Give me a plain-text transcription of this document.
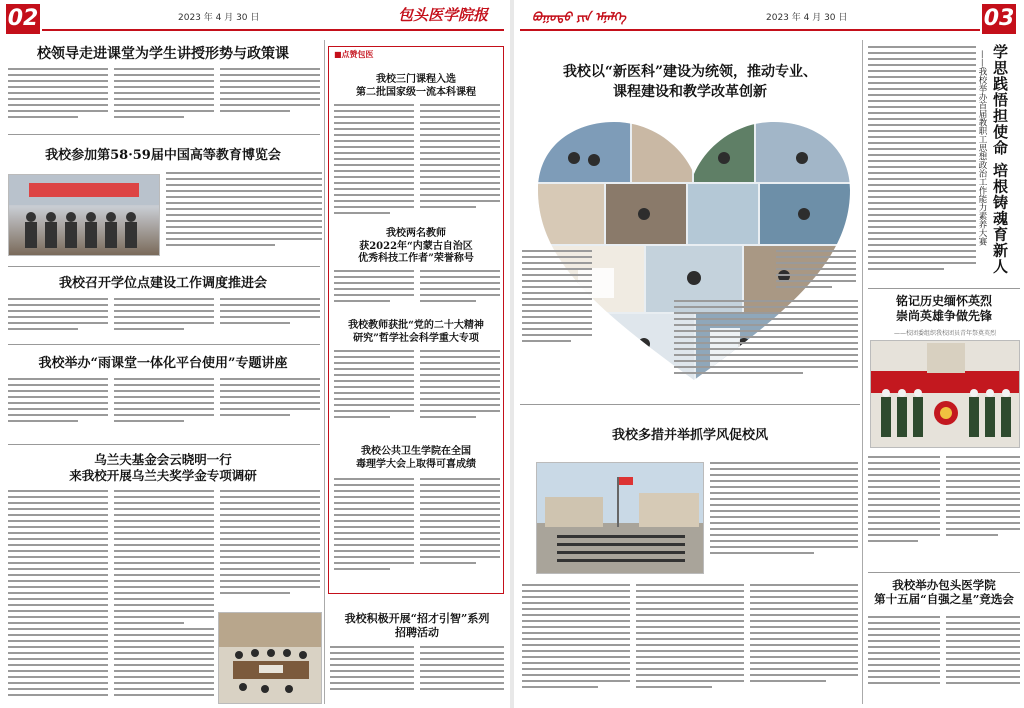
02	2023 年 4 月 30 日	包头医学院报
校领导走进课堂为学生讲授形势与政策课
我校参加第58·59届中国高等教育博览会
我校召开学位点建设工作调度推进会
我校举办“雨课堂一体化平台使用”专题讲座
乌兰夫基金会云晓明一行
来我校开展乌兰夫奖学金专项调研
■点赞包医
我校三门课程入选
第二批国家级一流本科课程
我校两名教师
获2022年“内蒙古自治区
优秀科技工作者”荣誉称号
我校教师获批“党的二十大精神
研究”哲学社会科学重大专项
我校公共卫生学院在全国
毒理学大会上取得可喜成绩
我校积极开展“招才引智”系列
招聘活动
ᠪᠣᠭᠣᠲᠤ ᠶᠢᠨ ᠡᠮᠨᠡᠯᠭᠡ	2023 年 4 月 30 日	03
我校以“新医科”建设为统领，推动专业、
课程建设和教学改革创新
我校多措并举抓学风促校风
学思践悟担使命 培根铸魂育新人
——我校举办首届教职工思想政治工作能力素养大赛
铭记历史缅怀英烈
崇尚英雄争做先锋
——校团委组织我校团员青年祭奠英烈
我校举办包头医学院
第十五届“自强之星”竞选会
